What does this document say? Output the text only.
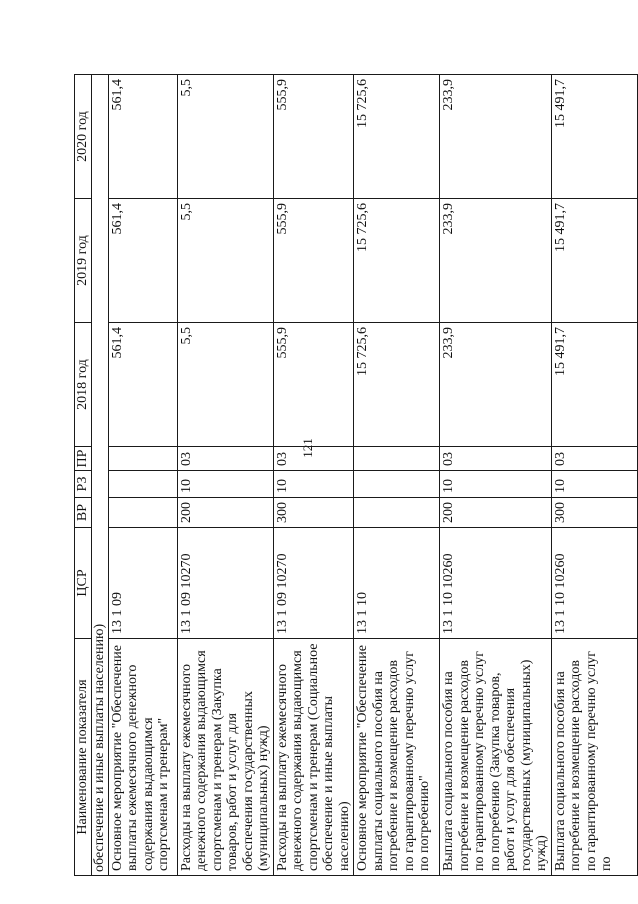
121
Наименование показателя	ЦСР	ВР	РЗ	ПР	2018 год	2019 год	2020 год
обеспечение и иные выплаты населению)							
Основное мероприятие "Обеспечение выплаты ежемесячного денежного содержания выдающимся спортсменам и тренерам"	13 1 09				561,4	561,4	561,4
Расходы на выплату ежемесячного денежного содержания выдающимся спортсменам и тренерам (Закупка товаров, работ и услуг для обеспечения государственных (муниципальных) нужд)	13 1 09 10270	200	10	03	5,5	5,5	5,5
Расходы на выплату ежемесячного денежного содержания выдающимся спортсменам и тренерам (Социальное обеспечение и иные выплаты населению)	13 1 09 10270	300	10	03	555,9	555,9	555,9
Основное мероприятие "Обеспечение выплаты социального пособия на погребение и возмещение расходов по гарантированному перечню услуг по погребению"	13 1 10				15 725,6	15 725,6	15 725,6
Выплата социального пособия на погребение и возмещение расходов по гарантированному перечню услуг по погребению (Закупка товаров, работ и услуг для обеспечения государственных (муниципальных) нужд)	13 1 10 10260	200	10	03	233,9	233,9	233,9
Выплата социального пособия на погребение и возмещение расходов по гарантированному перечню услуг по	13 1 10 10260	300	10	03	15 491,7	15 491,7	15 491,7
